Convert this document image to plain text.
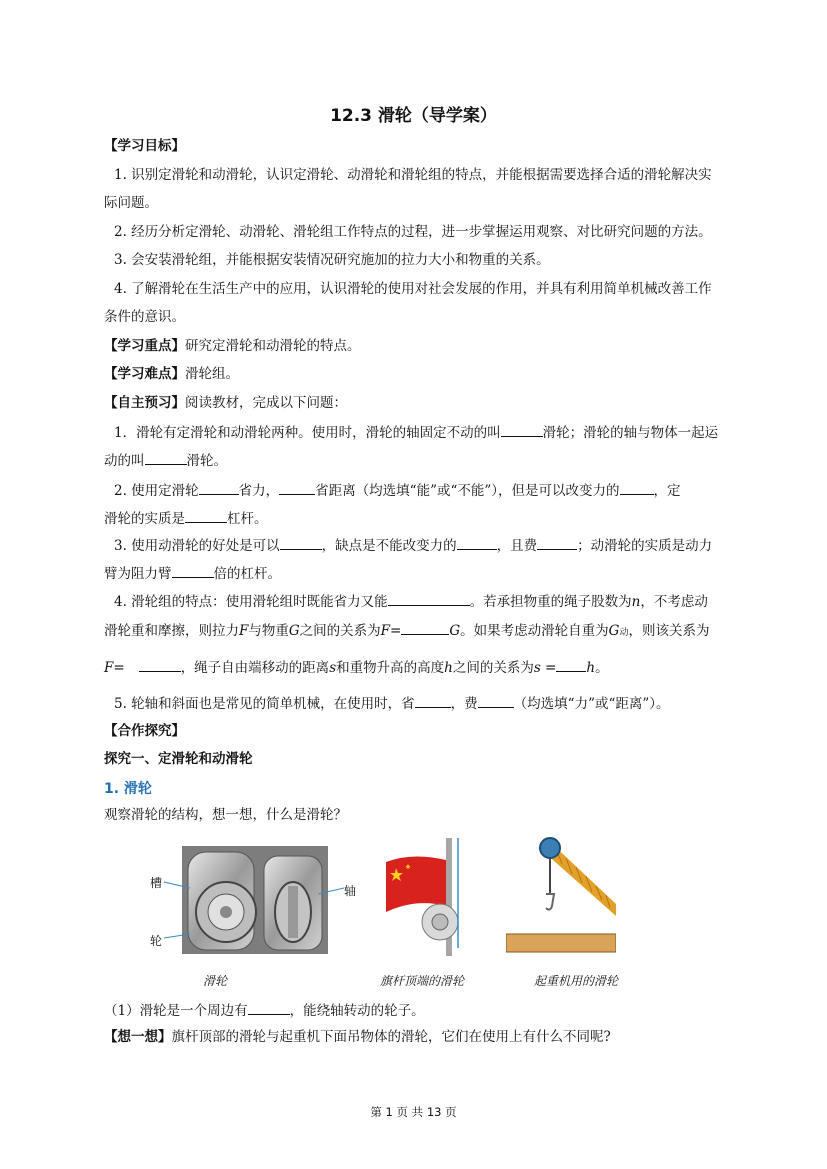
12.3 滑轮（导学案）
【学习目标】
1. 识别定滑轮和动滑轮，认识定滑轮、动滑轮和滑轮组的特点，并能根据需要选择合适的滑轮解决实
际问题。
2. 经历分析定滑轮、动滑轮、滑轮组工作特点的过程，进一步掌握运用观察、对比研究问题的方法。
3. 会安装滑轮组，并能根据安装情况研究施加的拉力大小和物重的关系。
4. 了解滑轮在生活生产中的应用，认识滑轮的使用对社会发展的作用，并具有利用简单机械改善工作
条件的意识。
【学习重点】研究定滑轮和动滑轮的特点。
【学习难点】滑轮组。
【自主预习】阅读教材，完成以下问题：
1．滑轮有定滑轮和动滑轮两种。使用时，滑轮的轴固定不动的叫	滑轮；滑轮的轴与物体一起运
动的叫	滑轮。
2. 使用定滑轮	省力，	省距离（均选填“能”或“不能”），但是可以改变力的	，定
滑轮的实质是	杠杆。
3. 使用动滑轮的好处是可以	，缺点是不能改变力的	，且费	；动滑轮的实质是动力
臂为阻力臂	倍的杠杆。
4. 滑轮组的特点：使用滑轮组时既能省力又能	。若承担物重的绳子股数为n，不考虑动
滑轮重和摩擦，则拉力F与物重G之间的关系为F=	G。如果考虑动滑轮自重为G动，则该关系为
F=	，绳子自由端移动的距离s和重物升高的高度h之间的关系为s = h。
5. 轮轴和斜面也是常见的简单机械，在使用时，省	，费	（均选填“力”或“距离”）。
【合作探究】
探究一、定滑轮和动滑轮
1. 滑轮
观察滑轮的结构，想一想，什么是滑轮？
槽
轴
轮
滑轮	旗杆顶端的滑轮	起重机用的滑轮
（1）滑轮是一个周边有	，能绕轴转动的轮子。
【想一想】旗杆顶部的滑轮与起重机下面吊物体的滑轮，它们在使用上有什么不同呢?
第 1 页 共 13 页
